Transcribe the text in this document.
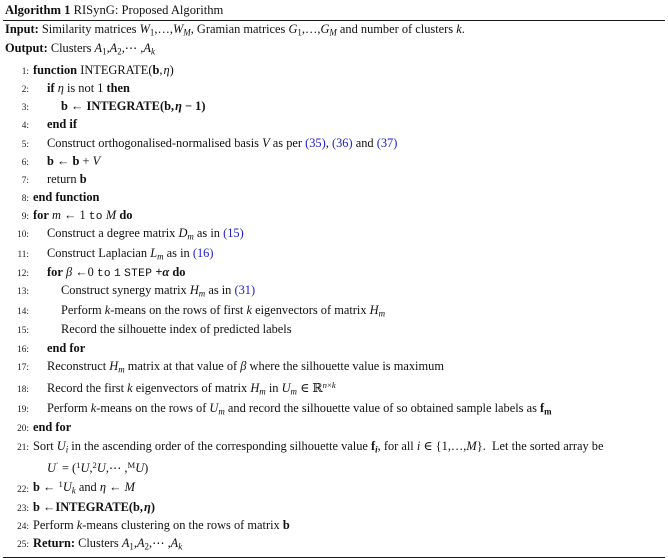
Algorithm 1 RISynG: Proposed Algorithm
Input: Similarity matrices $W_1,\dots,W_M$, Gramian matrices $G_1,\dots,G_M$ and number of clusters k.
Output: Clusters $A_1,A_2,\cdots$ $,A_k$
1: function INTEGRATE(b, η)
2:	if η is not 1 then
3:	b ← INTEGRATE(b, η − 1)
4:	end if
5:	Construct orthogonalised-normalised basis V as per (35), (36) and (37)
6:	b ← b + V
7:	return b
8: end function
9: for m ← 1 to M do
10:	Construct a degree matrix $D_m$ as in (15)
11:	Construct Laplacian $L_m$ as in (16)
12:	for β ←0 to 1 STEP +α do
13:	Construct synergy matrix $H_m$ as in (31)
14:	Perform k-means on the rows of first k eigenvectors of matrix $H_m$
15:	Record the silhouette index of predicted labels
16:	end for
17:	Reconstruct $H_m$ matrix at that value of β where the silhouette value is maximum
18:	Record the first k eigenvectors of matrix $H_m$ in $U_m$ ∈ ℝ$^{n\times k}$
19:	Perform k-means on the rows of $U_m$ and record the silhouette value of so obtained sample labels as $f_m$
20: end for
21: Sort $U_i$ in the ascending order of the corresponding silhouette value $f_i$, for all i ∈ {1,…,M}.  Let the sorted array be
U˙ = ($^1$U,$^2$U,⋯ ,$^M$U)
22: b ← $^1U_k$ and η ← M
23: b ←INTEGRATE(b, η)
24: Perform k-means clustering on the rows of matrix b
25: Return: Clusters $A_1,A_2,\cdots$ $,A_k$
